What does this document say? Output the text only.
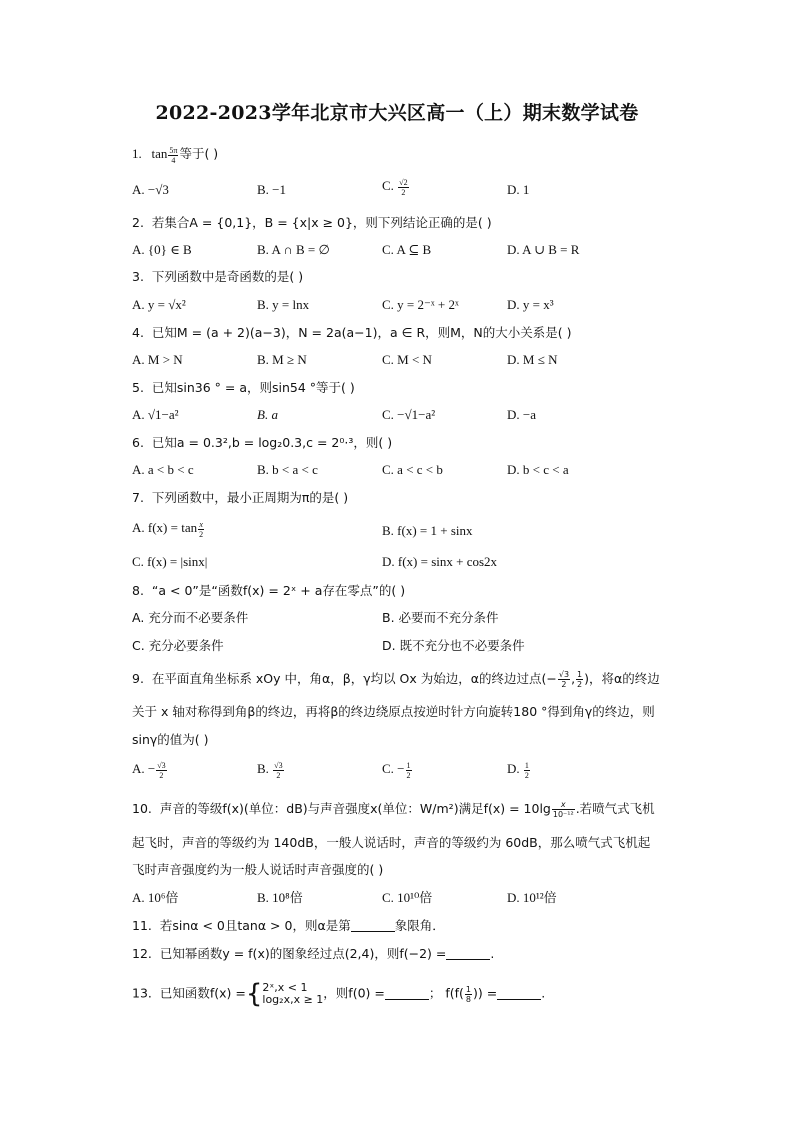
2022-2023学年北京市大兴区高一（上）期末数学试卷
1. $\tan \frac{5\pi}{4}$ 等于( )
A. −√3	B. −1	C. $\frac{√2}{2}$	D. 1
2. 若集合A = {0,1}，B = {x|x ≥ 0}，则下列结论正确的是( )
A. {0} ∈ B	B. A ∩ B = ∅	C. A ⊆ B	D. A ∪ B = R
3. 下列函数中是奇函数的是( )
A. y = √x²	B. y = lnx	C. y = 2⁻ˣ + 2ˣ	D. y = x³
4. 已知M = (a + 2)(a−3)，N = 2a(a−1)，a ∈ R，则M，N的大小关系是( )
A. M > N	B. M ≥ N	C. M < N	D. M ≤ N
5. 已知sin36 ° = a，则sin54 °等于( )
A. √1−a²	B. a	C. −√1−a²	D. −a
6. 已知a = 0.3²,b = log₂0.3,c = 2⁰·³，则( )
A. a < b < c	B. b < a < c	C. a < c < b	D. b < c < a
7. 下列函数中，最小正周期为π的是( )
A. $f(x) = \tan \frac{x}{2}$	B. f(x) = 1 + sinx
C. f(x) = |sinx|	D. f(x) = sinx + cos2x
8. “a < 0”是“函数f(x) = 2ˣ + a存在零点”的( )
A. 充分而不必要条件	B. 必要而不充分条件
C. 充分必要条件	D. 既不充分也不必要条件
9. 在平面直角坐标系 xOy 中，角α，β，γ均以 Ox 为始边，α的终边过点(− $\frac{√3}{2}$ , $\frac{1}{2}$ )，将α的终边
关于 x 轴对称得到角β的终边，再将β的终边绕原点按逆时针方向旋转180 °得到角γ的终边，则
sinγ的值为( )
A. − $\frac{√3}{2}$	B. $\frac{√3}{2}$	C. − $\frac{1}{2}$	D. $\frac{1}{2}$
10. 声音的等级f(x)(单位：dB)与声音强度x(单位：W/m²)满足$f(x) = 10\lg \frac{x}{\text{10⁻¹²}}$ .若喷气式飞机
起飞时，声音的等级约为 140dB，一般人说话时，声音的等级约为 60dB，那么喷气式飞机起
飞时声音强度约为一般人说话时声音强度的( )
A. 10⁶倍	B. 10⁸倍	C. 10¹⁰倍	D. 10¹²倍
11. 若sinα < 0且tanα > 0，则α是第	象限角．
12. 已知幂函数y = f(x)的图象经过点(2,4)，则f(−2) =	.
13. 已知函数f(x) ={ 2ˣ,x < 1
log₂x,x ≥ 1 ，则f(0) =	； $f(f( \frac{1}{8}$ )) =	.
